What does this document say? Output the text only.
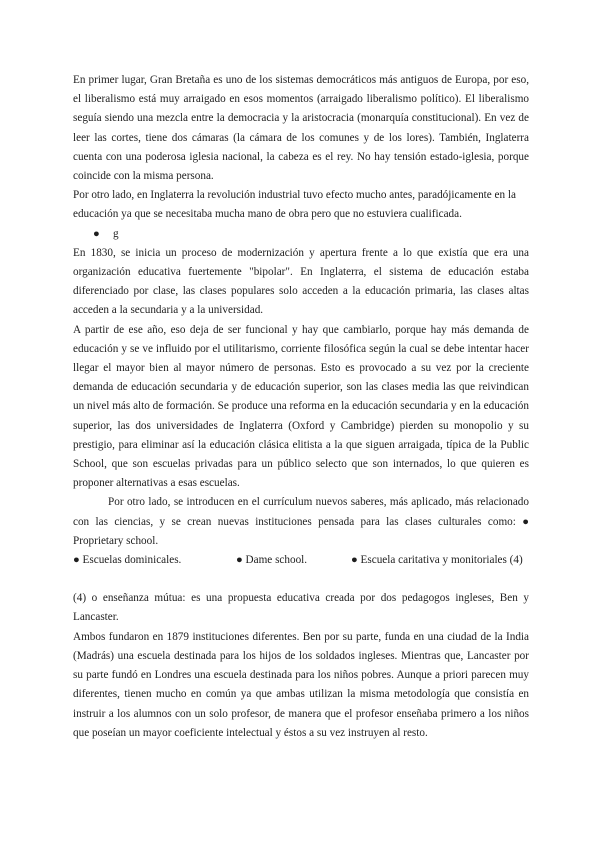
En primer lugar, Gran Bretaña es uno de los sistemas democráticos más antiguos de Europa, por eso, el liberalismo está muy arraigado en esos momentos (arraigado liberalismo político). El liberalismo seguía siendo una mezcla entre la democracia y la aristocracia (monarquía constitucional). En vez de leer las cortes, tiene dos cámaras (la cámara de los comunes y de los lores). También, Inglaterra cuenta con una poderosa iglesia nacional, la cabeza es el rey. No hay tensión estado-iglesia, porque coincide con la misma persona.

Por otro lado, en Inglaterra la revolución industrial tuvo efecto mucho antes, paradójicamente en la educación ya que se necesitaba mucha mano de obra pero que no estuviera cualificada.

● g

En 1830, se inicia un proceso de modernización y apertura frente a lo que existía que era una organización educativa fuertemente "bipolar". En Inglaterra, el sistema de educación estaba diferenciado por clase, las clases populares solo acceden a la educación primaria, las clases altas acceden a la secundaria y a la universidad.

A partir de ese año, eso deja de ser funcional y hay que cambiarlo, porque hay más demanda de educación y se ve influido por el utilitarismo, corriente filosófica según la cual se debe intentar hacer llegar el mayor bien al mayor número de personas. Esto es provocado a su vez por la creciente demanda de educación secundaria y de educación superior, son las clases media las que reivindican un nivel más alto de formación. Se produce una reforma en la educación secundaria y en la educación superior, las dos universidades de Inglaterra (Oxford y Cambridge) pierden su monopolio y su prestigio, para eliminar así la educación clásica elitista a la que siguen arraigada, típica de la Public School, que son escuelas privadas para un público selecto que son internados, lo que quieren es proponer alternativas a esas escuelas.

Por otro lado, se introducen en el currículum nuevos saberes, más aplicado, más relacionado con las ciencias, y se crean nuevas instituciones pensada para las clases culturales como: ● Proprietary school.

● Escuelas dominicales.	● Dame school.	● Escuela caritativa y monitoriales (4)

(4) o enseñanza mútua: es una propuesta educativa creada por dos pedagogos ingleses, Ben y Lancaster.

Ambos fundaron en 1879 instituciones diferentes. Ben por su parte, funda en una ciudad de la India (Madrás) una escuela destinada para los hijos de los soldados ingleses. Mientras que, Lancaster por su parte fundó en Londres una escuela destinada para los niños pobres. Aunque a priori parecen muy diferentes, tienen mucho en común ya que ambas utilizan la misma metodología que consistía en instruir a los alumnos con un solo profesor, de manera que el profesor enseñaba primero a los niños que poseían un mayor coeficiente intelectual y éstos a su vez instruyen al resto.
